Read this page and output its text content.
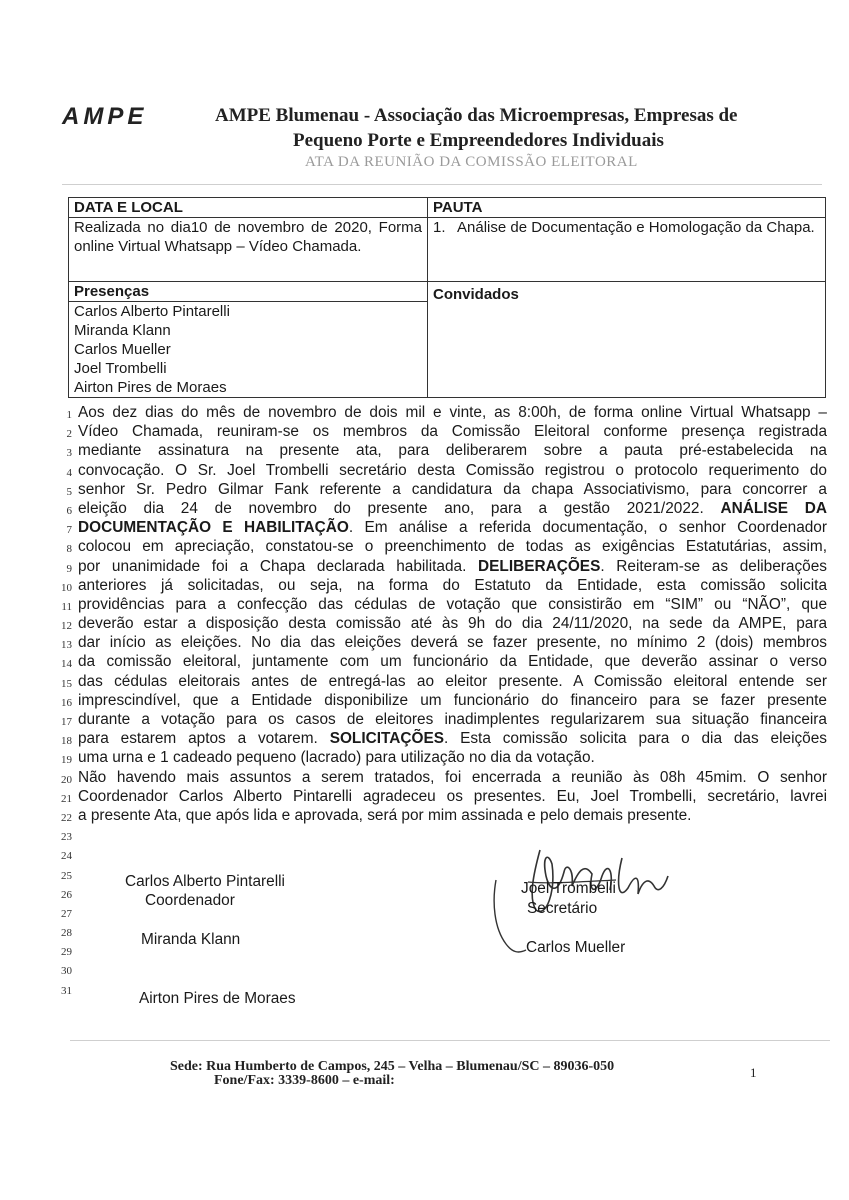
AMPE	AMPE Blumenau - Associação das Microempresas, Empresas de
Pequeno Porte e Empreendedores Individuais
ATA DA REUNIÃO DA COMISSÃO ELEITORAL
DATA E LOCAL	PAUTA
Realizada no dia10 de novembro de 2020, Forma online Virtual Whatsapp – Vídeo Chamada.	1. Análise de Documentação e Homologação da Chapa.

Presenças	Convidados

Carlos Alberto Pintarelli
Miranda Klann
Carlos Mueller
Joel Trombelli
Airton Pires de Moraes	
1 Aos dez dias do mês de novembro de dois mil e vinte, as 8:00h, de forma online Virtual Whatsapp –
2 Vídeo Chamada, reuniram-se os membros da Comissão Eleitoral conforme presença registrada
3 mediante assinatura na presente ata, para deliberarem sobre a pauta pré-estabelecida na
4 convocação. O Sr. Joel Trombelli secretário desta Comissão registrou o protocolo requerimento do
5 senhor Sr. Pedro Gilmar Fank referente a candidatura da chapa Associativismo, para concorrer a
6 eleição dia 24 de novembro do presente ano, para a gestão 2021/2022. ANÁLISE DA
7 DOCUMENTAÇÃO E HABILITAÇÃO. Em análise a referida documentação, o senhor Coordenador
8 colocou em apreciação, constatou-se o preenchimento de todas as exigências Estatutárias, assim,
9 por unanimidade foi a Chapa declarada habilitada. DELIBERAÇÕES. Reiteram-se as deliberações
10 anteriores já solicitadas, ou seja, na forma do Estatuto da Entidade, esta comissão solicita
11 providências para a confecção das cédulas de votação que consistirão em “SIM” ou “NÃO”, que
12 deverão estar a disposição desta comissão até às 9h do dia 24/11/2020, na sede da AMPE, para
13 dar início as eleições. No dia das eleições deverá se fazer presente, no mínimo 2 (dois) membros
14 da comissão eleitoral, juntamente com um funcionário da Entidade, que deverão assinar o verso
15 das cédulas eleitorais antes de entregá-las ao eleitor presente. A Comissão eleitoral entende ser
16 imprescindível, que a Entidade disponibilize um funcionário do financeiro para se fazer presente
17 durante a votação para os casos de eleitores inadimplentes regularizarem sua situação financeira
18 para estarem aptos a votarem. SOLICITAÇÕES. Esta comissão solicita para o dia das eleições
19 uma urna e 1 cadeado pequeno (lacrado) para utilização no dia da votação.
20 Não havendo mais assuntos a serem tratados, foi encerrada a reunião às 08h 45mim. O senhor
21 Coordenador Carlos Alberto Pintarelli agradeceu os presentes. Eu, Joel Trombelli, secretário, lavrei
22 a presente Ata, que após lida e aprovada, será por mim assinada e pelo demais presente.
23
24
25
26
27
28
29
30
31
Carlos Alberto Pintarelli
Coordenador
Miranda Klann
Airton Pires de Moraes
Joel Trombelli
Secretário
Carlos Mueller
Sede: Rua Humberto de Campos, 245 – Velha – Blumenau/SC – 89036-050
Fone/Fax: 3339-8600 – e-mail:
1
